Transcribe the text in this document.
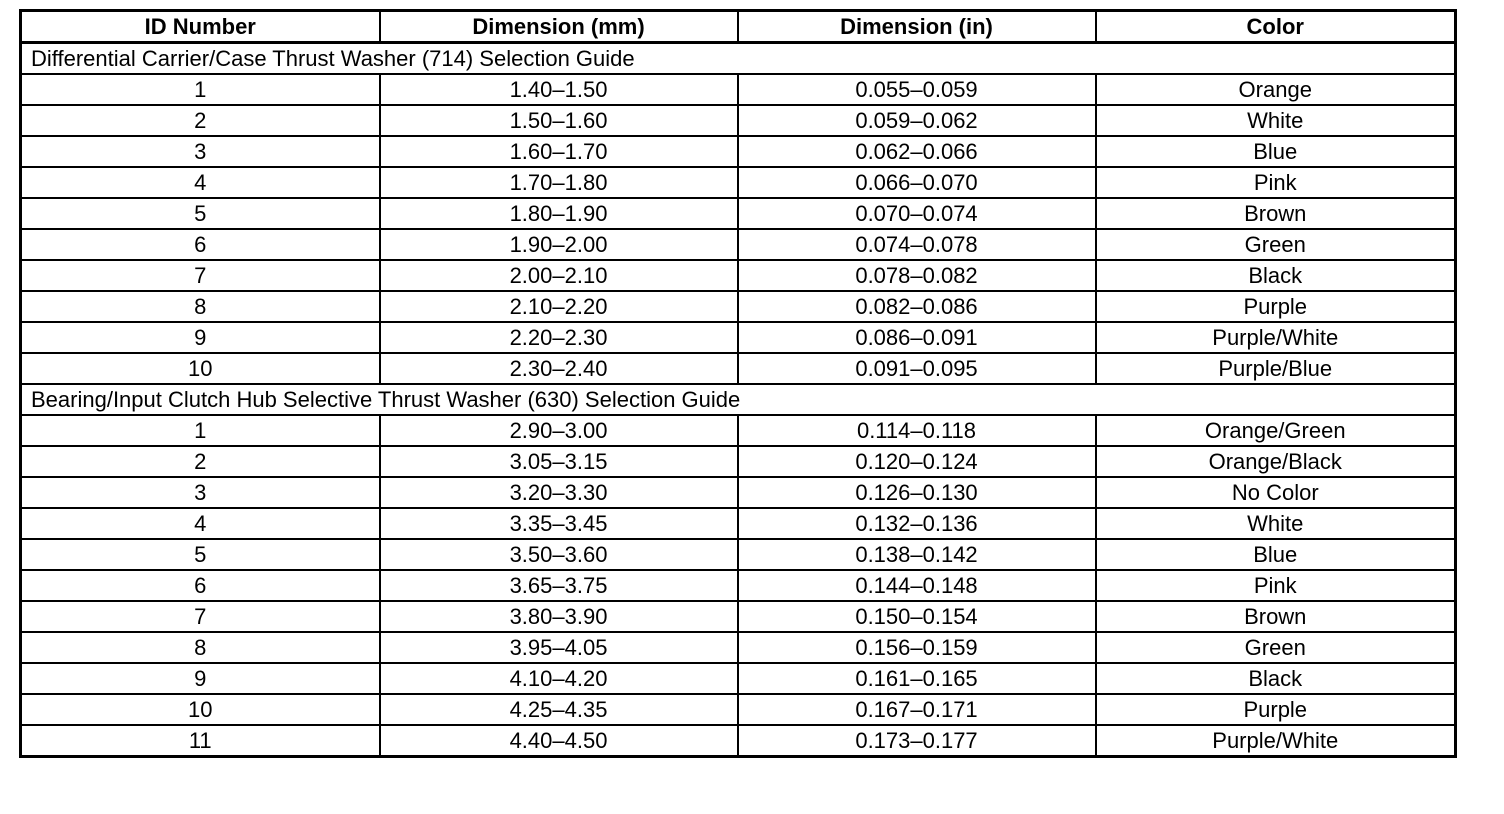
ID Number	Dimension (mm)	Dimension (in)	Color
Differential Carrier/Case Thrust Washer (714) Selection Guide			
1	1.40–1.50	0.055–0.059	Orange
2	1.50–1.60	0.059–0.062	White
3	1.60–1.70	0.062–0.066	Blue
4	1.70–1.80	0.066–0.070	Pink
5	1.80–1.90	0.070–0.074	Brown
6	1.90–2.00	0.074–0.078	Green
7	2.00–2.10	0.078–0.082	Black
8	2.10–2.20	0.082–0.086	Purple
9	2.20–2.30	0.086–0.091	Purple/White
10	2.30–2.40	0.091–0.095	Purple/Blue
Bearing/Input Clutch Hub Selective Thrust Washer (630) Selection Guide			
1	2.90–3.00	0.114–0.118	Orange/Green
2	3.05–3.15	0.120–0.124	Orange/Black
3	3.20–3.30	0.126–0.130	No Color
4	3.35–3.45	0.132–0.136	White
5	3.50–3.60	0.138–0.142	Blue
6	3.65–3.75	0.144–0.148	Pink
7	3.80–3.90	0.150–0.154	Brown
8	3.95–4.05	0.156–0.159	Green
9	4.10–4.20	0.161–0.165	Black
10	4.25–4.35	0.167–0.171	Purple
11	4.40–4.50	0.173–0.177	Purple/White
